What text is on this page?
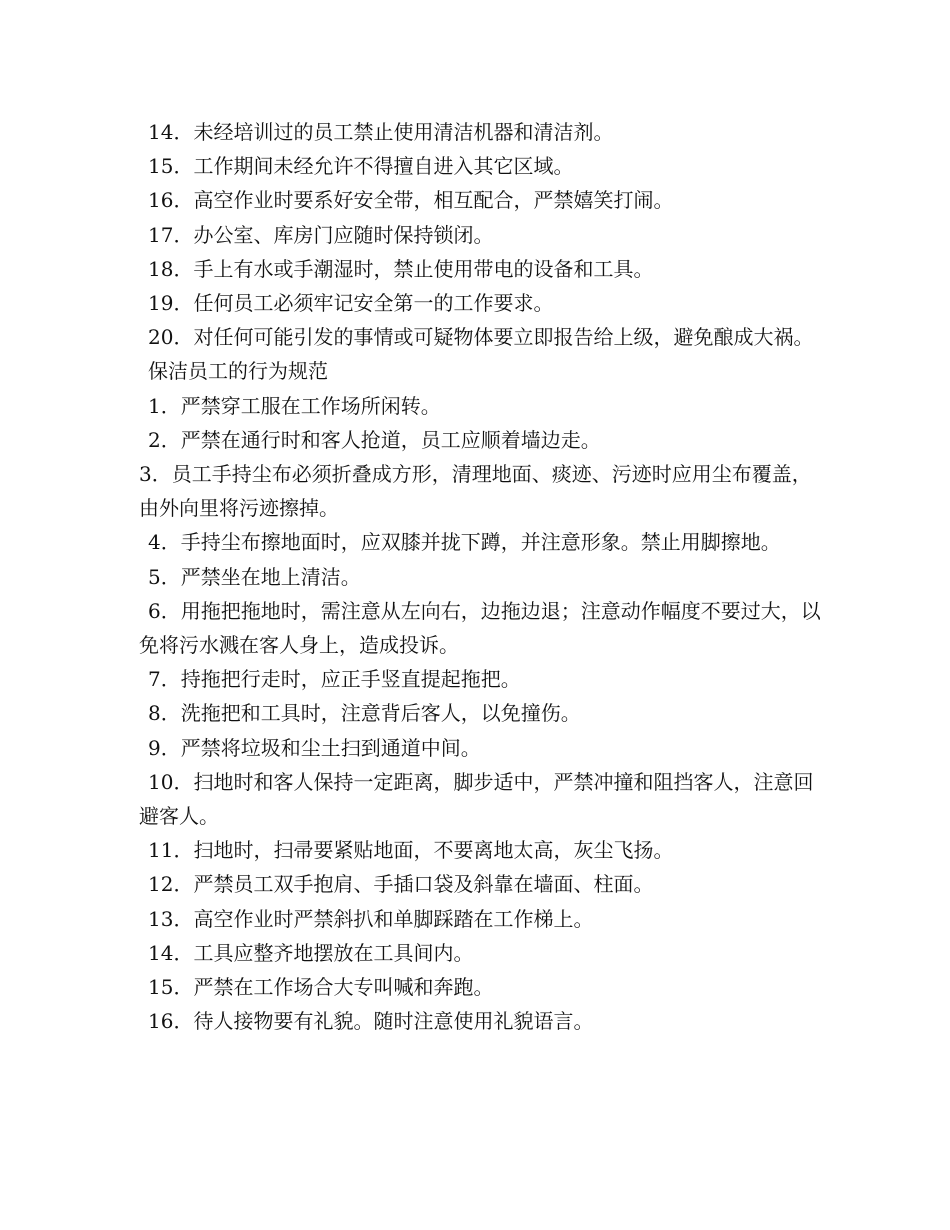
14．未经培训过的员工禁止使用清洁机器和清洁剂。

15．工作期间未经允许不得擅自进入其它区域。

16．高空作业时要系好安全带，相互配合，严禁嬉笑打闹。

17．办公室、库房门应随时保持锁闭。

18．手上有水或手潮湿时，禁止使用带电的设备和工具。

19．任何员工必须牢记安全第一的工作要求。

20．对任何可能引发的事情或可疑物体要立即报告给上级，避免酿成大祸。

保洁员工的行为规范

1．严禁穿工服在工作场所闲转。

2．严禁在通行时和客人抢道，员工应顺着墙边走。

3．员工手持尘布必须折叠成方形，清理地面、痰迹、污迹时应用尘布覆盖，由外向里将污迹擦掉。

4．手持尘布擦地面时，应双膝并拢下蹲，并注意形象。禁止用脚擦地。

5．严禁坐在地上清洁。

6．用拖把拖地时，需注意从左向右，边拖边退；注意动作幅度不要过大，以免将污水溅在客人身上，造成投诉。

7．持拖把行走时，应正手竖直提起拖把。

8．洗拖把和工具时，注意背后客人，以免撞伤。

9．严禁将垃圾和尘土扫到通道中间。

10．扫地时和客人保持一定距离，脚步适中，严禁冲撞和阻挡客人，注意回避客人。

11．扫地时，扫帚要紧贴地面，不要离地太高，灰尘飞扬。

12．严禁员工双手抱肩、手插口袋及斜靠在墙面、柱面。

13．高空作业时严禁斜扒和单脚踩踏在工作梯上。

14．工具应整齐地摆放在工具间内。

15．严禁在工作场合大专叫喊和奔跑。

16．待人接物要有礼貌。随时注意使用礼貌语言。
